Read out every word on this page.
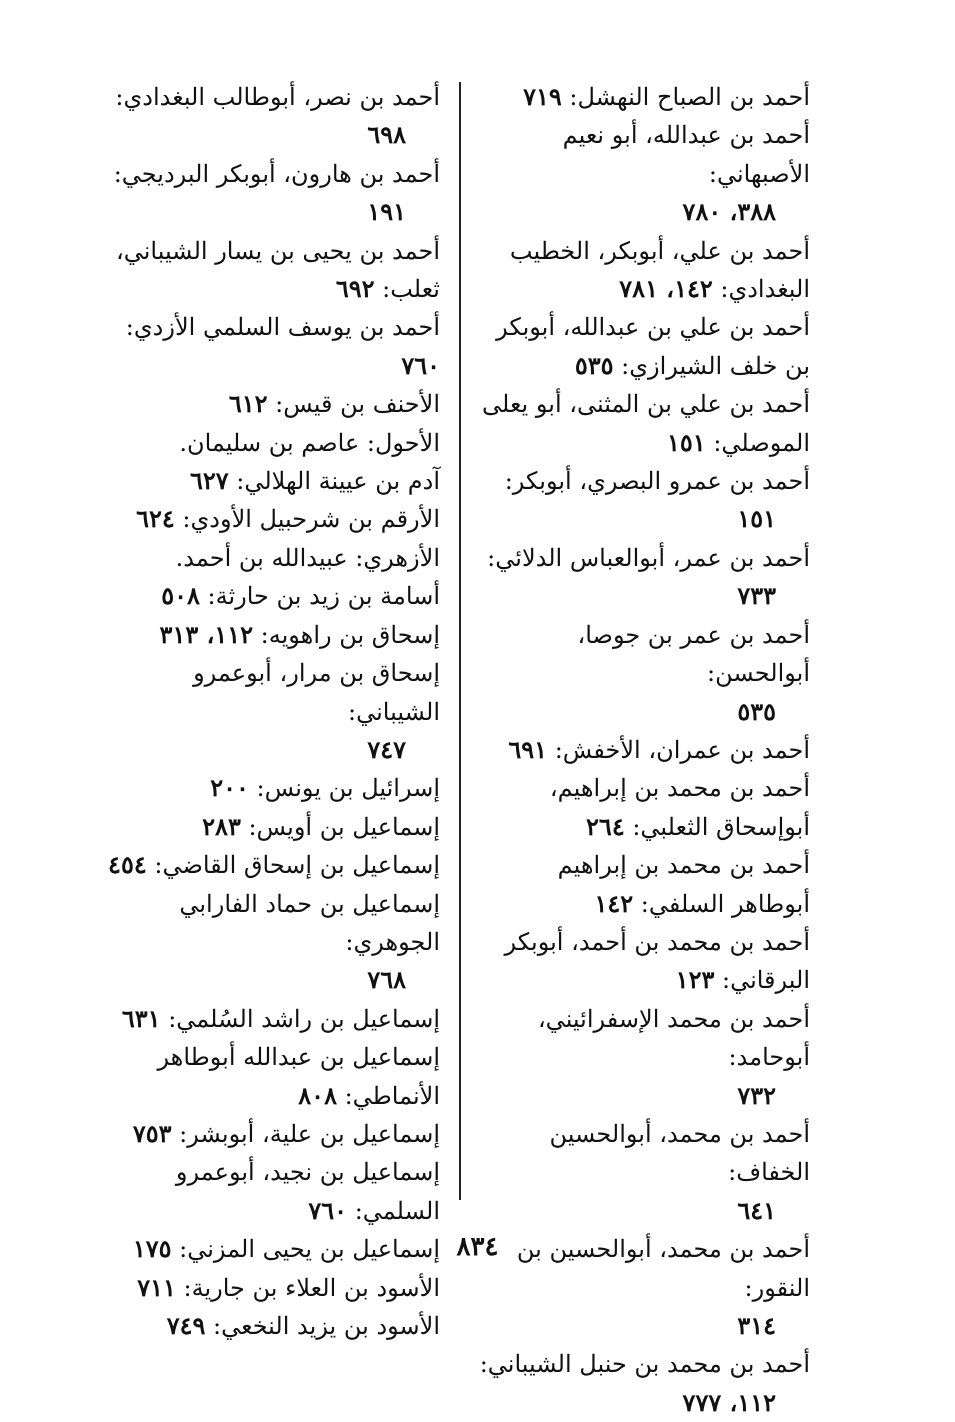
أحمد بن الصباح النهشل: ٧١٩

أحمد بن عبدالله، أبو نعيم الأصبهاني:
٣٨٨، ٧٨٠

أحمد بن علي، أبوبكر، الخطيب البغدادي: ١٤٢، ٧٨١

أحمد بن علي بن عبدالله، أبوبكر بن خلف الشيرازي: ٥٣٥

أحمد بن علي بن المثنى، أبو يعلى الموصلي: ١٥١

أحمد بن عمرو البصري، أبوبكر:
١٥١

أحمد بن عمر، أبوالعباس الدلائي:
٧٣٣

أحمد بن عمر بن جوصا، أبوالحسن:
٥٣٥

أحمد بن عمران، الأخفش: ٦٩١

أحمد بن محمد بن إبراهيم، أبوإسحاق الثعلبي: ٢٦٤

أحمد بن محمد بن إبراهيم أبوطاهر السلفي: ١٤٢

أحمد بن محمد بن أحمد، أبوبكر البرقاني: ١٢٣

أحمد بن محمد الإسفرائيني، أبوحامد:
٧٣٢

أحمد بن محمد، أبوالحسين الخفاف:
٦٤١

أحمد بن محمد، أبوالحسين بن النقور:
٣١٤

أحمد بن محمد بن حنبل الشيباني:
١١٢، ٧٧٧

أحمد بن نصر، أبوطالب البغدادي:
٦٩٨

أحمد بن هارون، أبوبكر البرديجي:
١٩١

أحمد بن يحيى بن يسار الشيباني، ثعلب: ٦٩٢

أحمد بن يوسف السلمي الأزدي: ٧٦٠

الأحنف بن قيس: ٦١٢

الأحول: عاصم بن سليمان.

آدم بن عيينة الهلالي: ٦٢٧

الأرقم بن شرحبيل الأودي: ٦٢٤

الأزهري: عبيدالله بن أحمد.

أسامة بن زيد بن حارثة: ٥٠٨

إسحاق بن راهويه: ١١٢، ٣١٣

إسحاق بن مرار، أبوعمرو الشيباني:
٧٤٧

إسرائيل بن يونس: ٢٠٠

إسماعيل بن أويس: ٢٨٣

إسماعيل بن إسحاق القاضي: ٤٥٤

إسماعيل بن حماد الفارابي الجوهري:
٧٦٨

إسماعيل بن راشد السُلمي: ٦٣١

إسماعيل بن عبدالله أبوطاهر الأنماطي: ٨٠٨

إسماعيل بن علية، أبوبشر: ٧٥٣

إسماعيل بن نجيد، أبوعمرو السلمي: ٧٦٠

إسماعيل بن يحيى المزني: ١٧٥

الأسود بن العلاء بن جارية: ٧١١

الأسود بن يزيد النخعي: ٧٤٩

٨٣٤
